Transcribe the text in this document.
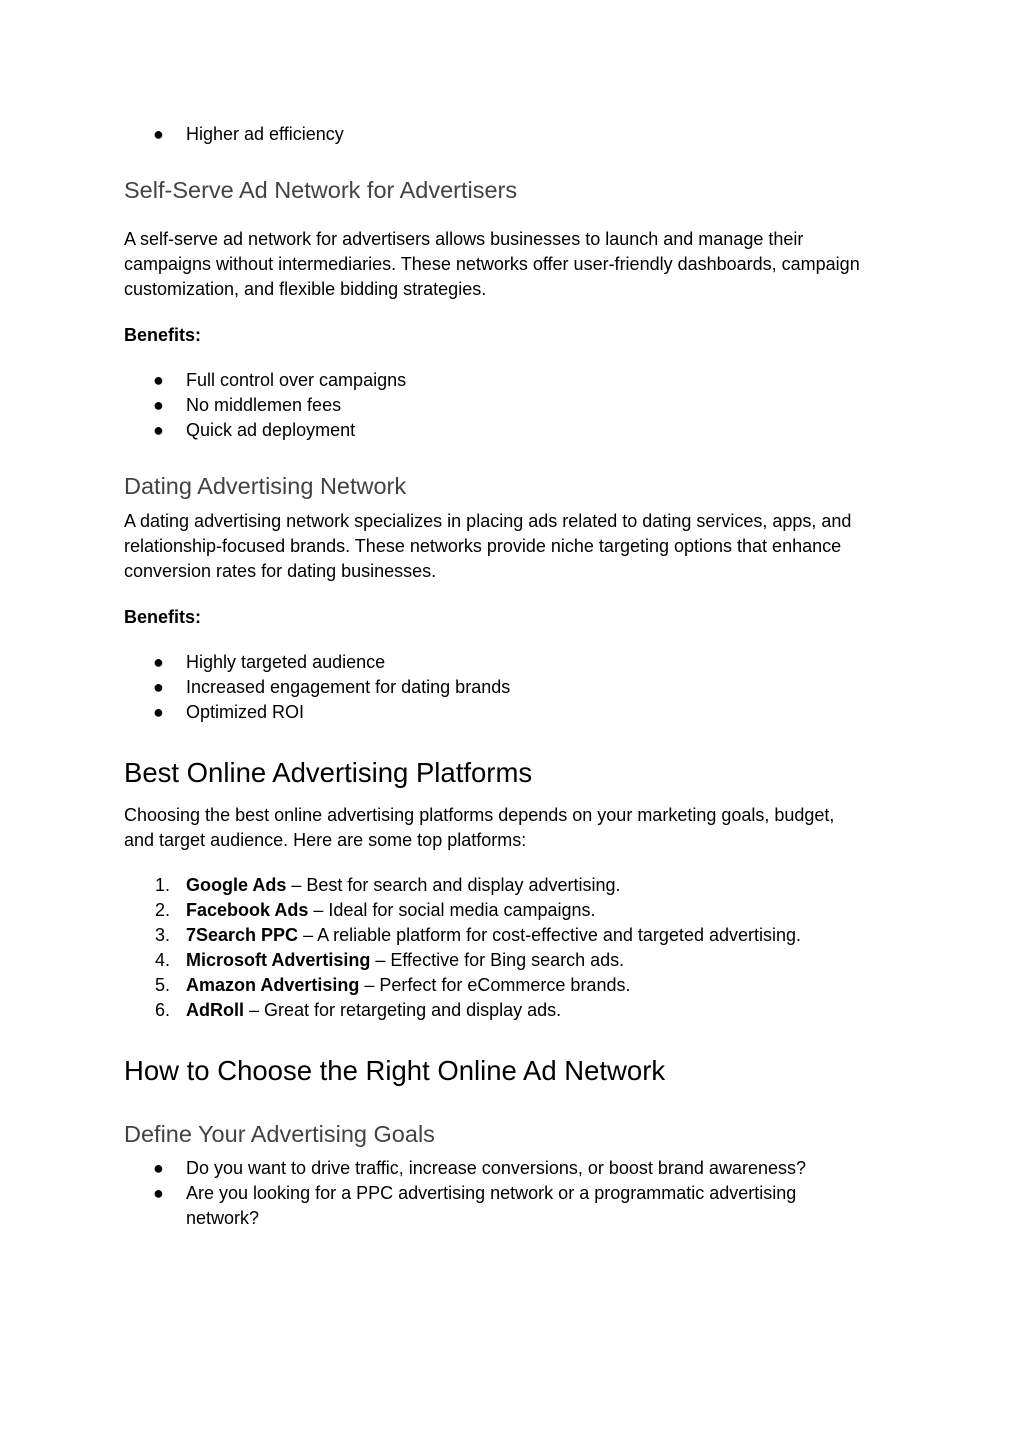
●	Higher ad efficiency
Self-Serve Ad Network for Advertisers
A self-serve ad network for advertisers allows businesses to launch and manage their
campaigns without intermediaries. These networks offer user-friendly dashboards, campaign
customization, and flexible bidding strategies.
Benefits:
●	Full control over campaigns
●	No middlemen fees
●	Quick ad deployment
Dating Advertising Network
A dating advertising network specializes in placing ads related to dating services, apps, and
relationship-focused brands. These networks provide niche targeting options that enhance
conversion rates for dating businesses.
Benefits:
●	Highly targeted audience
●	Increased engagement for dating brands
●	Optimized ROI
Best Online Advertising Platforms
Choosing the best online advertising platforms depends on your marketing goals, budget,
and target audience. Here are some top platforms:
1. Google Ads – Best for search and display advertising.
2. Facebook Ads – Ideal for social media campaigns.
3. 7Search PPC – A reliable platform for cost-effective and targeted advertising.
4. Microsoft Advertising – Effective for Bing search ads.
5. Amazon Advertising – Perfect for eCommerce brands.
6. AdRoll – Great for retargeting and display ads.
How to Choose the Right Online Ad Network
Define Your Advertising Goals
●	Do you want to drive traffic, increase conversions, or boost brand awareness?
●	Are you looking for a PPC advertising network or a programmatic advertising
network?
